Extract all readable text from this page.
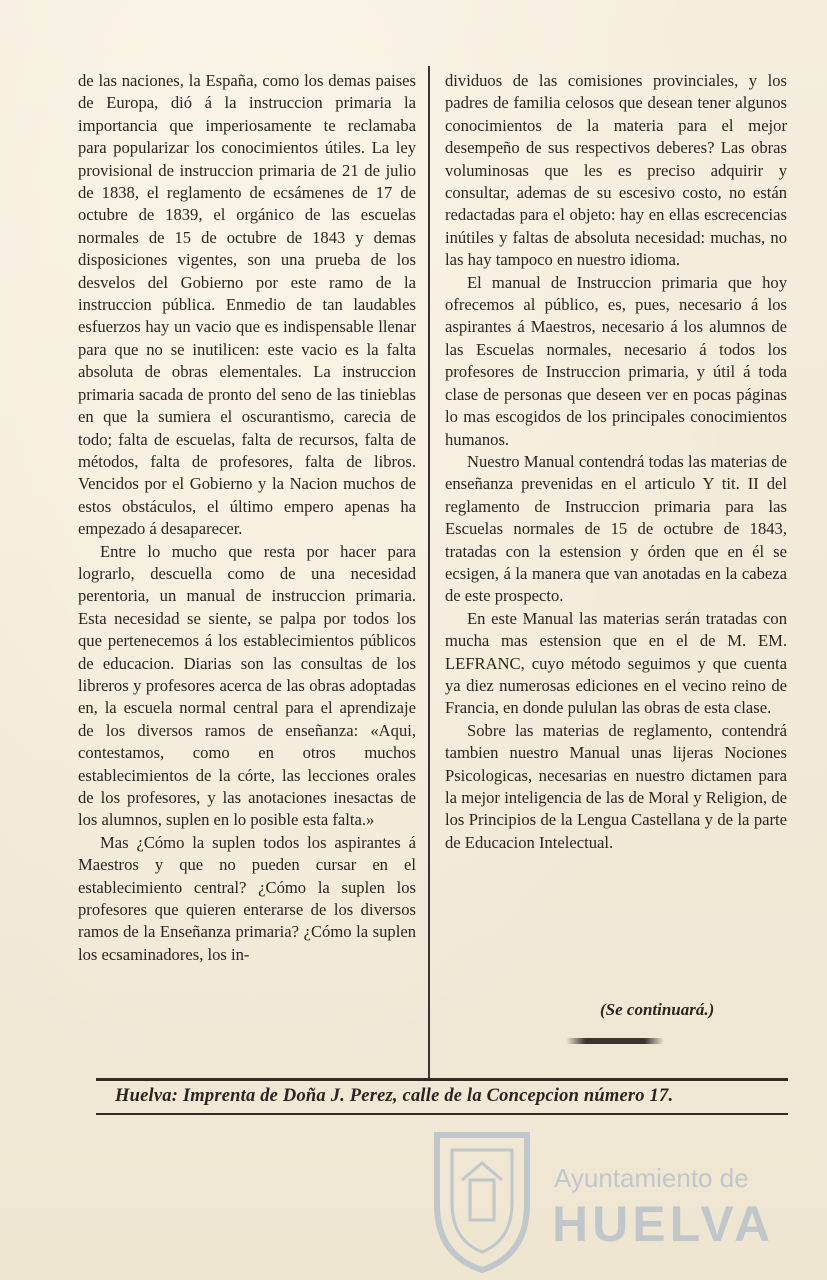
de las naciones, la España, como los demas paises de Europa, dió á la instruccion primaria la importancia que imperiosamente te reclamaba para popularizar los conocimientos útiles. La ley provisional de instruccion primaria de 21 de julio de 1838, el reglamento de ecsámenes de 17 de octubre de 1839, el orgánico de las escuelas normales de 15 de octubre de 1843 y demas disposiciones vigentes, son una prueba de los desvelos del Gobierno por este ramo de la instruccion pública. Enmedio de tan laudables esfuerzos hay un vacio que es indispensable llenar para que no se inutilicen: este vacio es la falta absoluta de obras elementales. La instruccion primaria sacada de pronto del seno de las tinieblas en que la sumiera el oscurantismo, carecia de todo; falta de escuelas, falta de recursos, falta de métodos, falta de profesores, falta de libros. Vencidos por el Gobierno y la Nacion muchos de estos obstáculos, el último empero apenas ha empezado á desaparecer.

Entre lo mucho que resta por hacer para lograrlo, descuella como de una necesidad perentoria, un manual de instruccion primaria. Esta necesidad se siente, se palpa por todos los que pertenecemos á los establecimientos públicos de educacion. Diarias son las consultas de los libreros y profesores acerca de las obras adoptadas en, la escuela normal central para el aprendizaje de los diversos ramos de enseñanza: «Aqui, contestamos, como en otros muchos establecimientos de la córte, las lecciones orales de los profesores, y las anotaciones inesactas de los alumnos, suplen en lo posible esta falta.»

Mas ¿Cómo la suplen todos los aspirantes á Maestros y que no pueden cursar en el establecimiento central? ¿Cómo la suplen los profesores que quieren enterarse de los diversos ramos de la Enseñanza primaria? ¿Cómo la suplen los ecsaminadores, los in-

dividuos de las comisiones provinciales, y los padres de familia celosos que desean tener algunos conocimientos de la materia para el mejor desempeño de sus respectivos deberes? Las obras voluminosas que les es preciso adquirir y consultar, ademas de su escesivo costo, no están redactadas para el objeto: hay en ellas escrecencias inútiles y faltas de absoluta necesidad: muchas, no las hay tampoco en nuestro idioma.

El manual de Instruccion primaria que hoy ofrecemos al público, es, pues, necesario á los aspirantes á Maestros, necesario á los alumnos de las Escuelas normales, necesario á todos los profesores de Instruccion primaria, y útil á toda clase de personas que deseen ver en pocas páginas lo mas escogidos de los principales conocimientos humanos.

Nuestro Manual contendrá todas las materias de enseñanza prevenidas en el articulo Y tit. II del reglamento de Instruccion primaria para las Escuelas normales de 15 de octubre de 1843, tratadas con la estension y órden que en él se ecsigen, á la manera que van anotadas en la cabeza de este prospecto.

En este Manual las materias serán tratadas con mucha mas estension que en el de M. EM. LEFRANC, cuyo método seguimos y que cuenta ya diez numerosas ediciones en el vecino reino de Francia, en donde pululan las obras de esta clase.

Sobre las materias de reglamento, contendrá tambien nuestro Manual unas lijeras Nociones Psicologicas, necesarias en nuestro dictamen para la mejor inteligencia de las de Moral y Religion, de los Principios de la Lengua Castellana y de la parte de Educacion Intelectual.

(Se continuará.)
Huelva: Imprenta de Doña J. Perez, calle de la Concepcion número 17.
Ayuntamiento de
HUELVA
